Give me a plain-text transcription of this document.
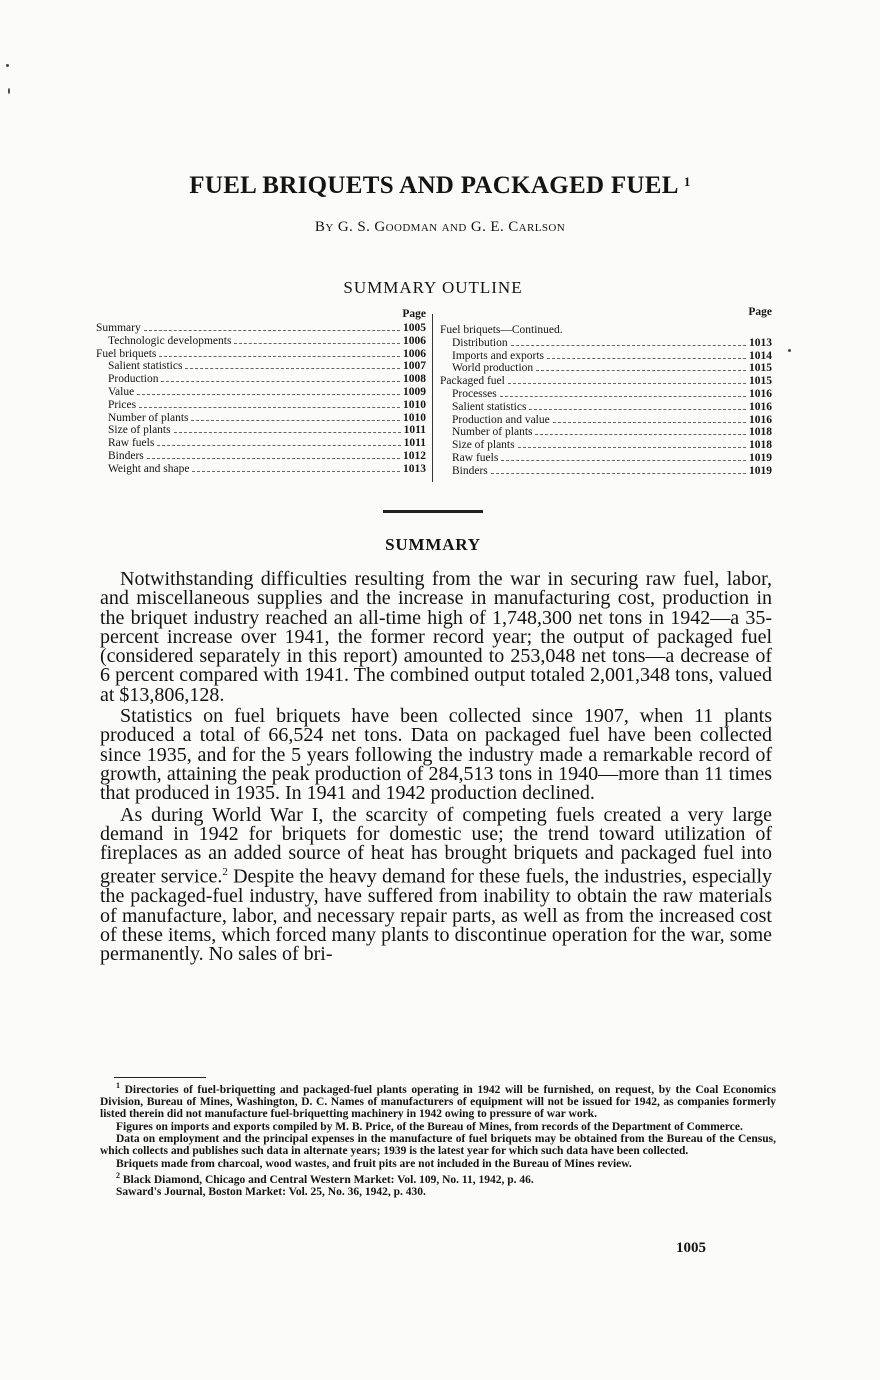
FUEL BRIQUETS AND PACKAGED FUEL $^1$
By G. S. Goodman and G. E. Carlson
SUMMARY OUTLINE
Page
Summary	1005
Technologic developments	1006
Fuel briquets	1006
Salient statistics	1007
Production	1008
Value	1009
Prices	1010
Number of plants	1010
Size of plants	1011
Raw fuels	1011
Binders	1012
Weight and shape	1013
Page
Fuel briquets—Continued.
Distribution	1013
Imports and exports	1014
World production	1015
Packaged fuel	1015
Processes	1016
Salient statistics	1016
Production and value	1016
Number of plants	1018
Size of plants	1018
Raw fuels	1019
Binders	1019
SUMMARY

Notwithstanding difficulties resulting from the war in securing raw fuel, labor, and miscellaneous supplies and the increase in manufacturing cost, production in the briquet industry reached an all-time high of 1,748,300 net tons in 1942—a 35-percent increase over 1941, the former record year; the output of packaged fuel (considered separately in this report) amounted to 253,048 net tons—a decrease of 6 percent compared with 1941. The combined output totaled 2,001,348 tons, valued at $13,806,128.

Statistics on fuel briquets have been collected since 1907, when 11 plants produced a total of 66,524 net tons. Data on packaged fuel have been collected since 1935, and for the 5 years following the industry made a remarkable record of growth, attaining the peak production of 284,513 tons in 1940—more than 11 times that produced in 1935. In 1941 and 1942 production declined.

As during World War I, the scarcity of competing fuels created a very large demand in 1942 for briquets for domestic use; the trend toward utilization of fireplaces as an added source of heat has brought briquets and packaged fuel into greater service.$^2$ Despite the heavy demand for these fuels, the industries, especially the packaged-fuel industry, have suffered from inability to obtain the raw materials of manufacture, labor, and necessary repair parts, as well as from the increased cost of these items, which forced many plants to discontinue operation for the war, some permanently. No sales of bri-

$^1$ Directories of fuel-briquetting and packaged-fuel plants operating in 1942 will be furnished, on request, by the Coal Economics Division, Bureau of Mines, Washington, D. C. Names of manufacturers of equipment will not be issued for 1942, as companies formerly listed therein did not manufacture fuel-briquetting machinery in 1942 owing to pressure of war work.

Figures on imports and exports compiled by M. B. Price, of the Bureau of Mines, from records of the Department of Commerce.

Data on employment and the principal expenses in the manufacture of fuel briquets may be obtained from the Bureau of the Census, which collects and publishes such data in alternate years; 1939 is the latest year for which such data have been collected.

Briquets made from charcoal, wood wastes, and fruit pits are not included in the Bureau of Mines review.

$^2$ Black Diamond, Chicago and Central Western Market: Vol. 109, No. 11, 1942, p. 46.

Saward's Journal, Boston Market: Vol. 25, No. 36, 1942, p. 430.

1005
